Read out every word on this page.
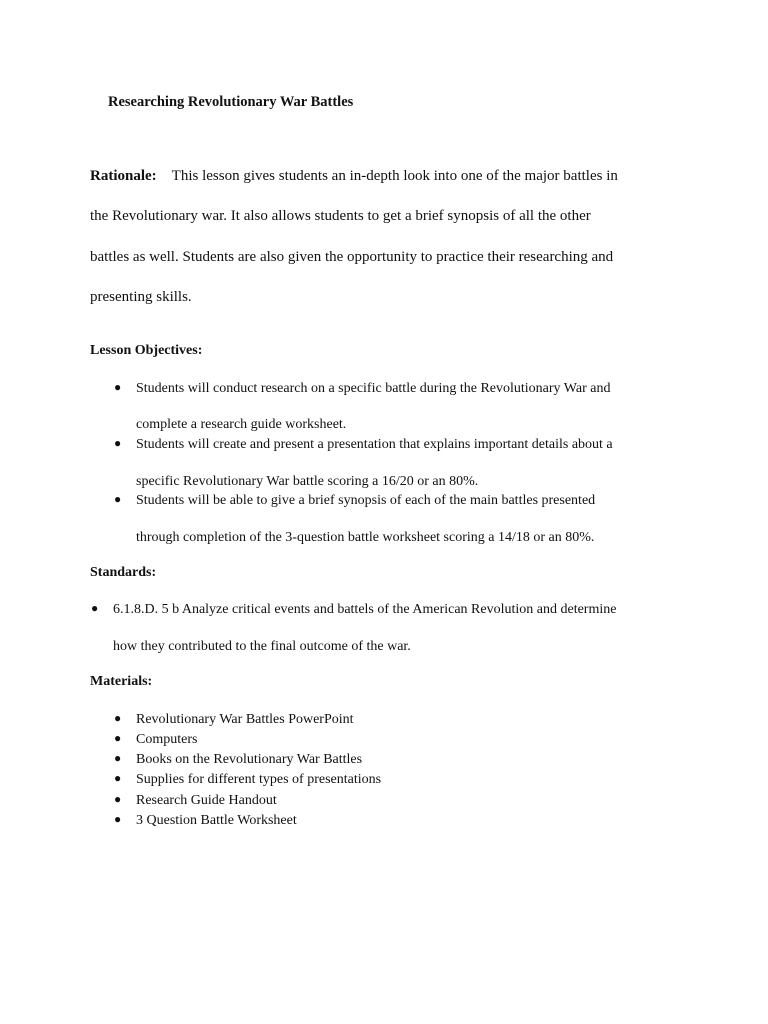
Researching Revolutionary War Battles
Rationale: This lesson gives students an in-depth look into one of the major battles in
the Revolutionary war. It also allows students to get a brief synopsis of all the other
battles as well. Students are also given the opportunity to practice their researching and
presenting skills.
Lesson Objectives:
● Students will conduct research on a specific battle during the Revolutionary War and
complete a research guide worksheet.
● Students will create and present a presentation that explains important details about a
specific Revolutionary War battle scoring a 16/20 or an 80%.
● Students will be able to give a brief synopsis of each of the main battles presented
through completion of the 3-question battle worksheet scoring a 14/18 or an 80%.
Standards:
● 6.1.8.D. 5 b Analyze critical events and battels of the American Revolution and determine
how they contributed to the final outcome of the war.
Materials:
● Revolutionary War Battles PowerPoint
● Computers
● Books on the Revolutionary War Battles
● Supplies for different types of presentations
● Research Guide Handout
● 3 Question Battle Worksheet
